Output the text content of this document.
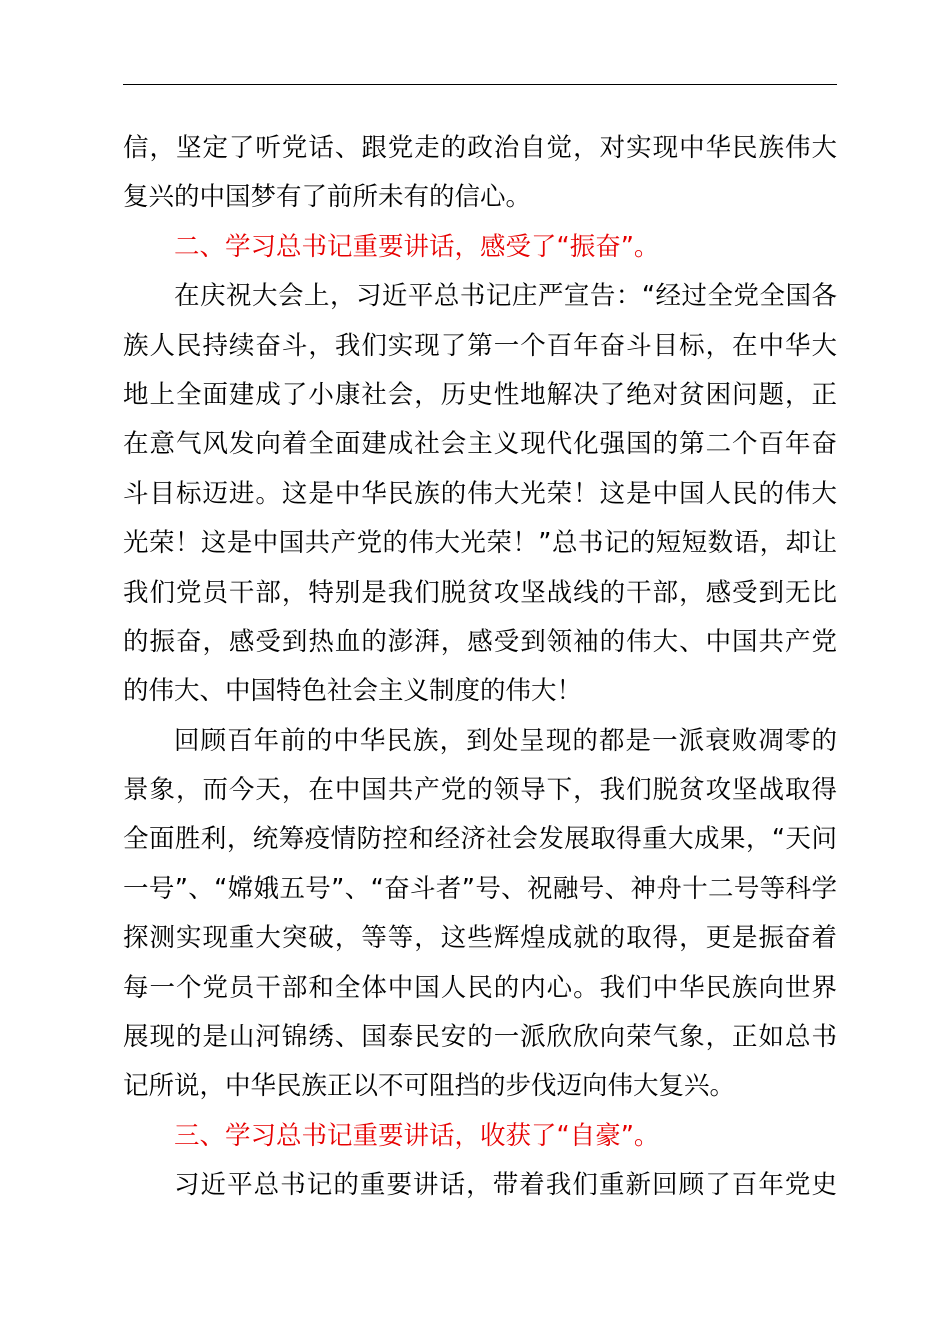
信，坚定了听党话、跟党走的政治自觉，对实现中华民族伟大
复兴的中国梦有了前所未有的信心。
二、学习总书记重要讲话，感受了“振奋”。
在庆祝大会上，习近平总书记庄严宣告：“经过全党全国各
族人民持续奋斗，我们实现了第一个百年奋斗目标，在中华大
地上全面建成了小康社会，历史性地解决了绝对贫困问题，正
在意气风发向着全面建成社会主义现代化强国的第二个百年奋
斗目标迈进。这是中华民族的伟大光荣！这是中国人民的伟大
光荣！这是中国共产党的伟大光荣！”总书记的短短数语，却让
我们党员干部，特别是我们脱贫攻坚战线的干部，感受到无比
的振奋，感受到热血的澎湃，感受到领袖的伟大、中国共产党
的伟大、中国特色社会主义制度的伟大！
回顾百年前的中华民族，到处呈现的都是一派衰败凋零的
景象，而今天，在中国共产党的领导下，我们脱贫攻坚战取得
全面胜利，统筹疫情防控和经济社会发展取得重大成果，“天问
一号”、“嫦娥五号”、“奋斗者”号、祝融号、神舟十二号等科学
探测实现重大突破，等等，这些辉煌成就的取得，更是振奋着
每一个党员干部和全体中国人民的内心。我们中华民族向世界
展现的是山河锦绣、国泰民安的一派欣欣向荣气象，正如总书
记所说，中华民族正以不可阻挡的步伐迈向伟大复兴。
三、学习总书记重要讲话，收获了“自豪”。
习近平总书记的重要讲话，带着我们重新回顾了百年党史
